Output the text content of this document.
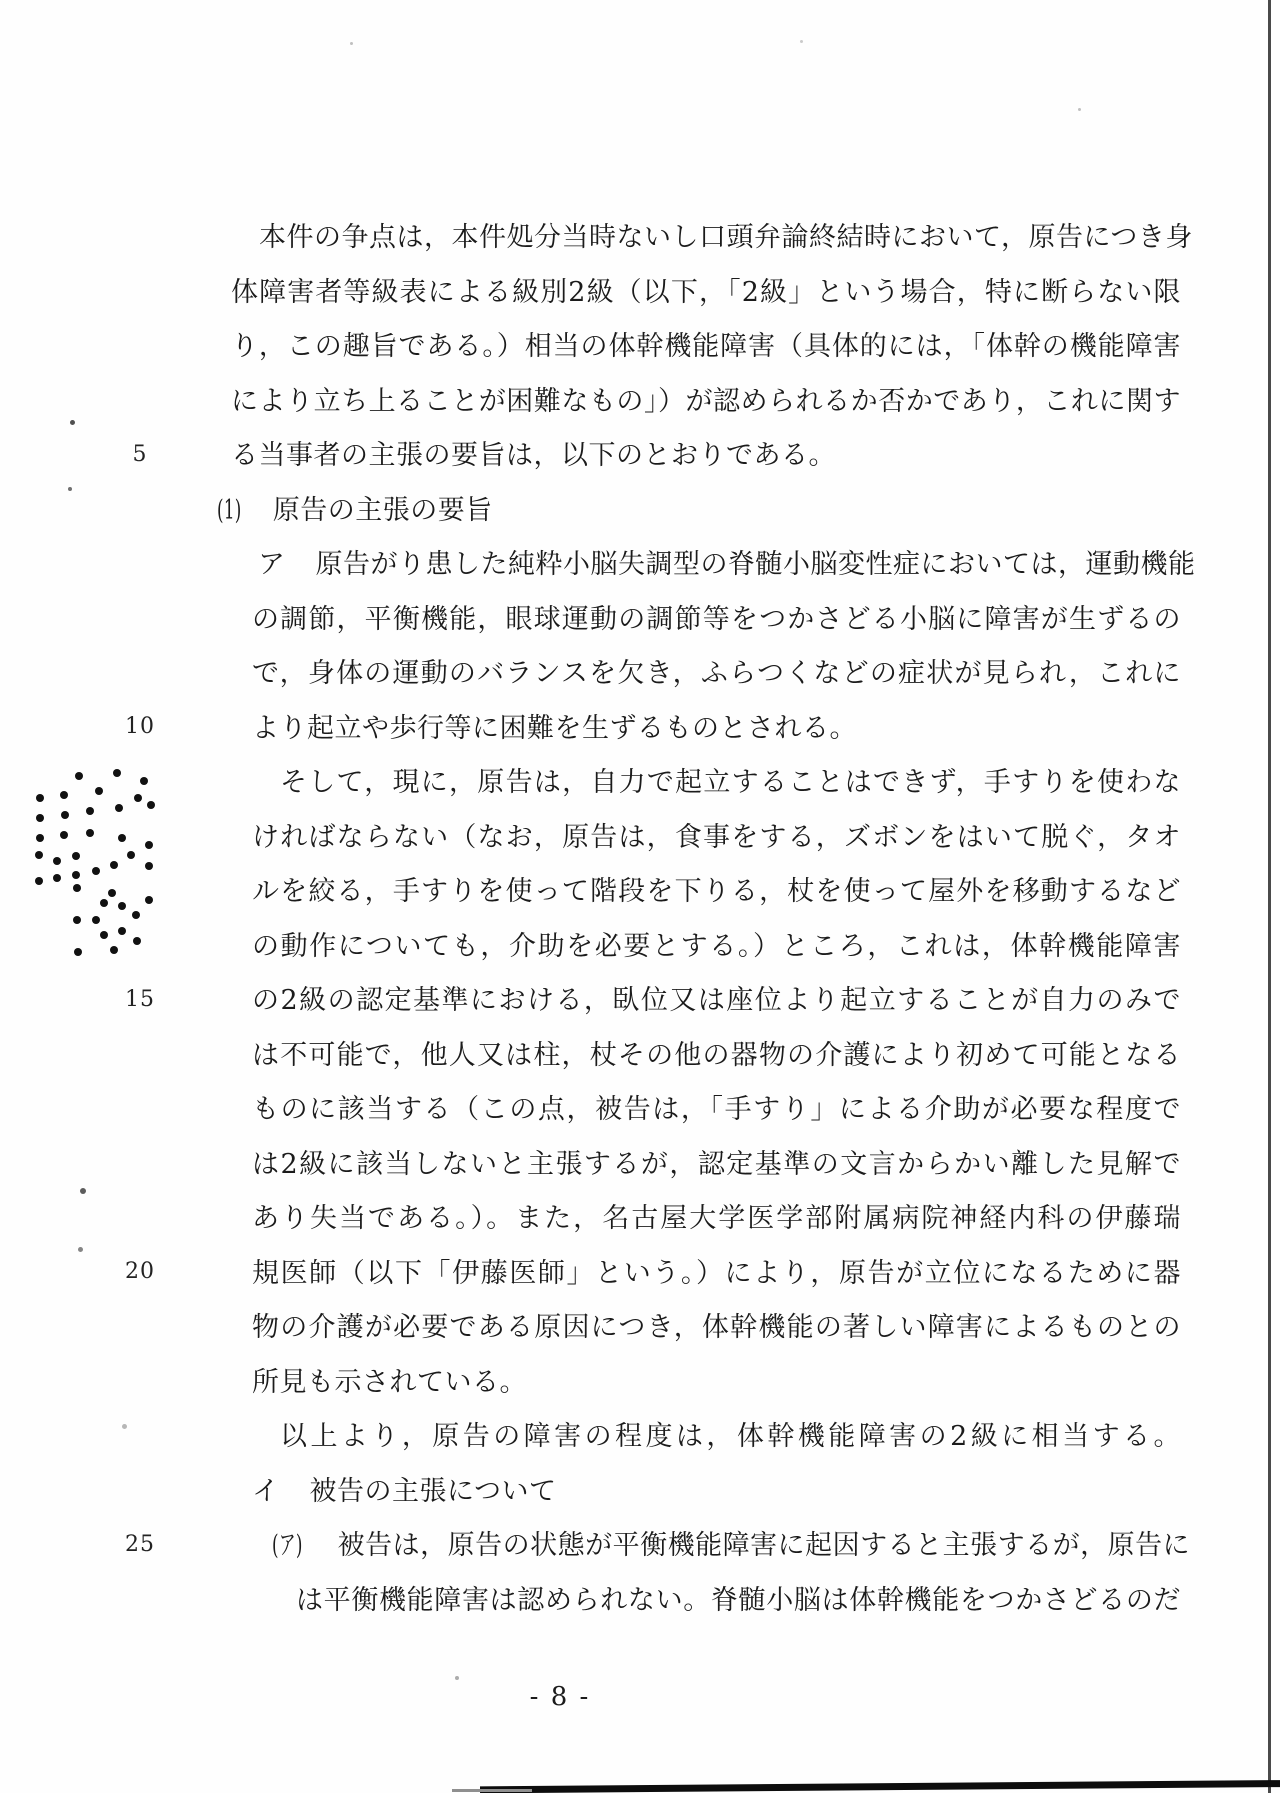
5
10
15
20
25
本件の争点は，本件処分当時ないし口頭弁論終結時において，原告につき身
体障害者等級表による級別2級（以下，「2級」という場合，特に断らない限
り，この趣旨である。）相当の体幹機能障害（具体的には，「体幹の機能障害
により立ち上ることが困難なもの」）が認められるか否かであり，これに関す
る当事者の主張の要旨は，以下のとおりである。
(1) 原告の主張の要旨
ア 原告がり患した純粋小脳失調型の脊髄小脳変性症においては，運動機能
の調節，平衡機能，眼球運動の調節等をつかさどる小脳に障害が生ずるの
で，身体の運動のバランスを欠き，ふらつくなどの症状が見られ，これに
より起立や歩行等に困難を生ずるものとされる。
そして，現に，原告は，自力で起立することはできず，手すりを使わな
ければならない（なお，原告は，食事をする，ズボンをはいて脱ぐ，タオ
ルを絞る，手すりを使って階段を下りる，杖を使って屋外を移動するなど
の動作についても，介助を必要とする。）ところ，これは，体幹機能障害
の2級の認定基準における，臥位又は座位より起立することが自力のみで
は不可能で，他人又は柱，杖その他の器物の介護により初めて可能となる
ものに該当する（この点，被告は，「手すり」による介助が必要な程度で
は2級に該当しないと主張するが，認定基準の文言からかい離した見解で
あり失当である。）。また，名古屋大学医学部附属病院神経内科の伊藤瑞
規医師（以下「伊藤医師」という。）により，原告が立位になるために器
物の介護が必要である原因につき，体幹機能の著しい障害によるものとの
所見も示されている。
以上より，原告の障害の程度は，体幹機能障害の2級に相当する。
イ 被告の主張について
(ア) 被告は，原告の状態が平衡機能障害に起因すると主張するが，原告に
は平衡機能障害は認められない。脊髄小脳は体幹機能をつかさどるのだ
- 8 -
